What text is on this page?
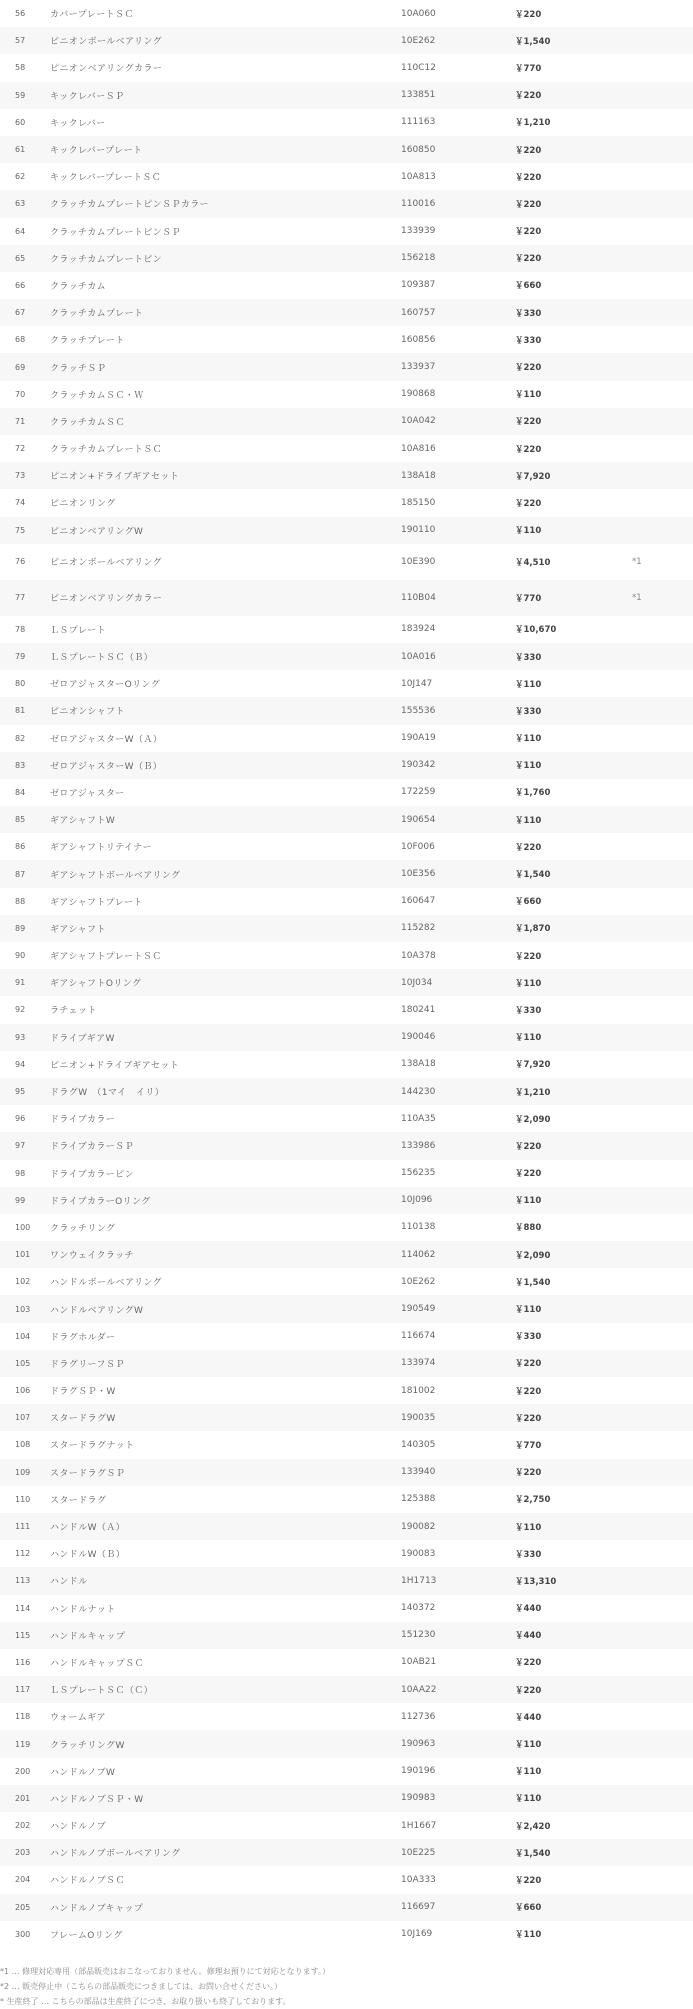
56	カバープレートＳＣ	10A060	￥220
57	ピニオンボールベアリング	10E262	￥1,540
58	ピニオンベアリングカラー	110C12	￥770
59	キックレバーＳＰ	133851	￥220
60	キックレバー	111163	￥1,210
61	キックレバープレート	160850	￥220
62	キックレバープレートＳＣ	10A813	￥220
63	クラッチカムプレートピンＳＰカラー	110016	￥220
64	クラッチカムプレートピンＳＰ	133939	￥220
65	クラッチカムプレートピン	156218	￥220
66	クラッチカム	109387	￥660
67	クラッチカムプレート	160757	￥330
68	クラッチプレート	160856	￥330
69	クラッチＳＰ	133937	￥220
70	クラッチカムＳＣ・Ｗ	190868	￥110
71	クラッチカムＳＣ	10A042	￥220
72	クラッチカムプレートＳＣ	10A816	￥220
73	ピニオン+ドライブギアセット	138A18	￥7,920
74	ピニオンリング	185150	￥220
75	ピニオンベアリングW	190110	￥110
76	ピニオンボールベアリング	10E390	￥4,510	*1
77	ピニオンベアリングカラー	110B04	￥770	*1
78	ＬＳプレート	183924	￥10,670
79	ＬＳプレートＳＣ（Ｂ）	10A016	￥330
80	ゼロアジャスターOリング	10J147	￥110
81	ピニオンシャフト	155536	￥330
82	ゼロアジャスターW（Ａ）	190A19	￥110
83	ゼロアジャスターW（Ｂ）	190342	￥110
84	ゼロアジャスター	172259	￥1,760
85	ギアシャフトW	190654	￥110
86	ギアシャフトリテイナー	10F006	￥220
87	ギアシャフトボールベアリング	10E356	￥1,540
88	ギアシャフトプレート	160647	￥660
89	ギアシャフト	115282	￥1,870
90	ギアシャフトプレートＳＣ	10A378	￥220
91	ギアシャフトOリング	10J034	￥110
92	ラチェット	180241	￥330
93	ドライブギアW	190046	￥110
94	ピニオン+ドライブギアセット	138A18	￥7,920
95	ドラグW　（1マイ　イリ）	144230	￥1,210
96	ドライブカラー	110A35	￥2,090
97	ドライブカラーＳＰ	133986	￥220
98	ドライブカラーピン	156235	￥220
99	ドライブカラーOリング	10J096	￥110
100	クラッチリング	110138	￥880
101	ワンウェイクラッチ	114062	￥2,090
102	ハンドルボールベアリング	10E262	￥1,540
103	ハンドルベアリングW	190549	￥110
104	ドラグホルダー	116674	￥330
105	ドラグリーフＳＰ	133974	￥220
106	ドラグＳＰ・W	181002	￥220
107	スタードラグW	190035	￥220
108	スタードラグナット	140305	￥770
109	スタードラグＳＰ	133940	￥220
110	スタードラグ	125388	￥2,750
111	ハンドルW（Ａ）	190082	￥110
112	ハンドルW（Ｂ）	190083	￥330
113	ハンドル	1H1713	￥13,310
114	ハンドルナット	140372	￥440
115	ハンドルキャップ	151230	￥440
116	ハンドルキャップＳＣ	10AB21	￥220
117	ＬＳプレートＳＣ（Ｃ）	10AA22	￥220
118	ウォームギア	112736	￥440
119	クラッチリングW	190963	￥110
200	ハンドルノブW	190196	￥110
201	ハンドルノブＳＰ・W	190983	￥110
202	ハンドルノブ	1H1667	￥2,420
203	ハンドルノブボールベアリング	10E225	￥1,540
204	ハンドルノブＳＣ	10A333	￥220
205	ハンドルノブキャップ	116697	￥660
300	フレームOリング	10J169	￥110
*1 … 修理対応専用（部品販売はおこなっておりません。修理お預りにて対応となります。）
*2 … 販売停止中（こちらの部品販売につきましては、お問い合せください。）
* 生産終了 … こちらの部品は生産終了につき、お取り扱いも終了しております。
